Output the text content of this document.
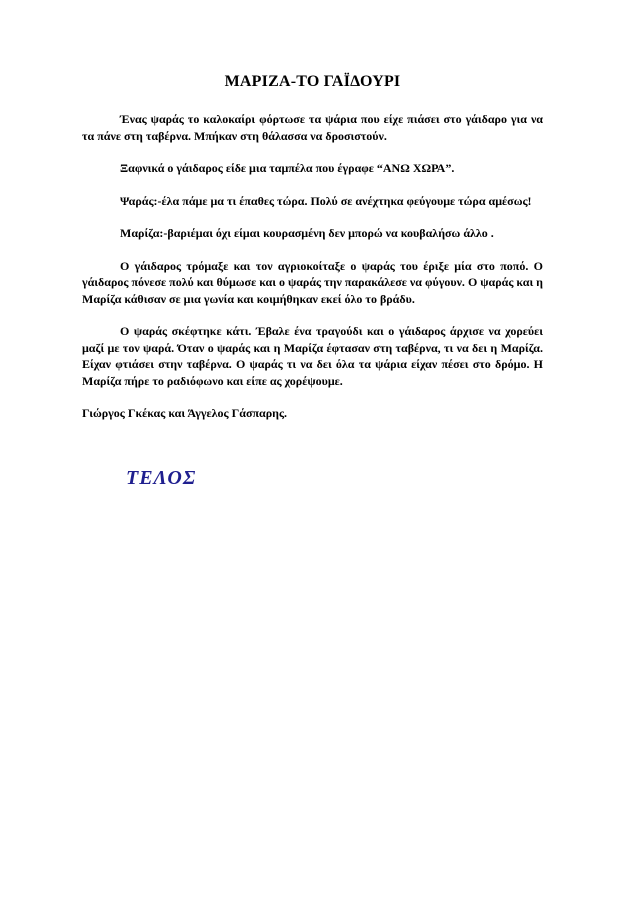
ΜΑΡΙΖΑ-ΤΟ ΓΑΪΔΟΥΡΙ

Ένας ψαράς το καλοκαίρι φόρτωσε τα ψάρια που είχε πιάσει στο γάιδαρο για να τα πάνε στη ταβέρνα. Μπήκαν στη θάλασσα να δροσιστούν.

Ξαφνικά ο γάιδαρος είδε μια ταμπέλα που έγραφε “ΑΝΩ ΧΩΡΑ”.

Ψαράς:-έλα πάμε μα τι έπαθες τώρα. Πολύ σε ανέχτηκα φεύγουμε τώρα αμέσως!

Μαρίζα:-βαριέμαι όχι είμαι κουρασμένη δεν μπορώ να κουβαλήσω άλλο .

Ο γάιδαρος τρόμαξε και τον αγριοκοίταξε ο ψαράς του έριξε μία στο ποπό. Ο γάιδαρος πόνεσε πολύ και θύμωσε και ο ψαράς την παρακάλεσε να φύγουν. Ο ψαράς και η Μαρίζα κάθισαν σε μια γωνία και κοιμήθηκαν εκεί όλο το βράδυ.

Ο ψαράς σκέφτηκε κάτι. Έβαλε ένα τραγούδι και ο γάιδαρος άρχισε να χορεύει μαζί με τον ψαρά. Όταν ο ψαράς και η Μαρίζα έφτασαν στη ταβέρνα, τι να δει η Μαρίζα. Είχαν φτιάσει στην ταβέρνα. Ο ψαράς τι να δει όλα τα ψάρια είχαν πέσει στο δρόμο. Η Μαρίζα πήρε το ραδιόφωνο και είπε ας χορέψουμε.

Γιώργος Γκέκας και Άγγελος Γάσπαρης.
ΤΕΛΟΣ
